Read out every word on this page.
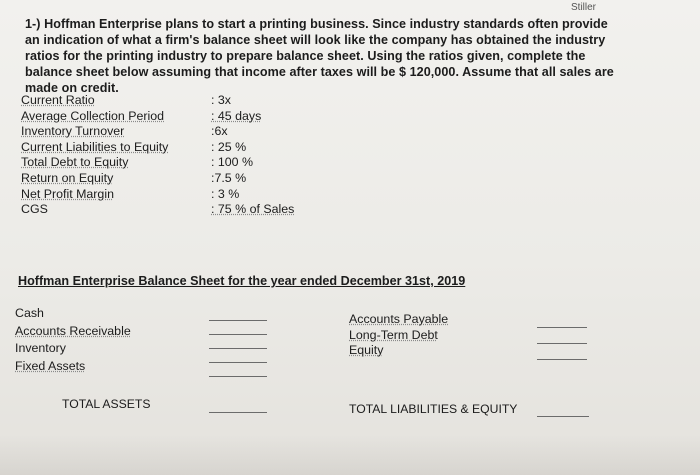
Stiller
1-) Hoffman Enterprise plans to start a printing business. Since industry standards often provide an indication of what a firm's balance sheet will look like the company has obtained the industry ratios for the printing industry to prepare balance sheet. Using the ratios given, complete the balance sheet below assuming that income after taxes will be $ 120,000. Assume that all sales are made on credit.
Current Ratio
Average Collection Period
Inventory Turnover
Current Liabilities to Equity
Total Debt to Equity
Return on Equity
Net Profit Margin
CGS
: 3x
: 45 days
:6x
: 25 %
: 100 %
:7.5 %
: 3 %
: 75 % of Sales
Hoffman Enterprise Balance Sheet for the year ended December 31st, 2019
Cash
Accounts Receivable
Inventory
Fixed Assets
Accounts Payable
Long-Term Debt
Equity
TOTAL ASSETS	TOTAL LIABILITIES & EQUITY
